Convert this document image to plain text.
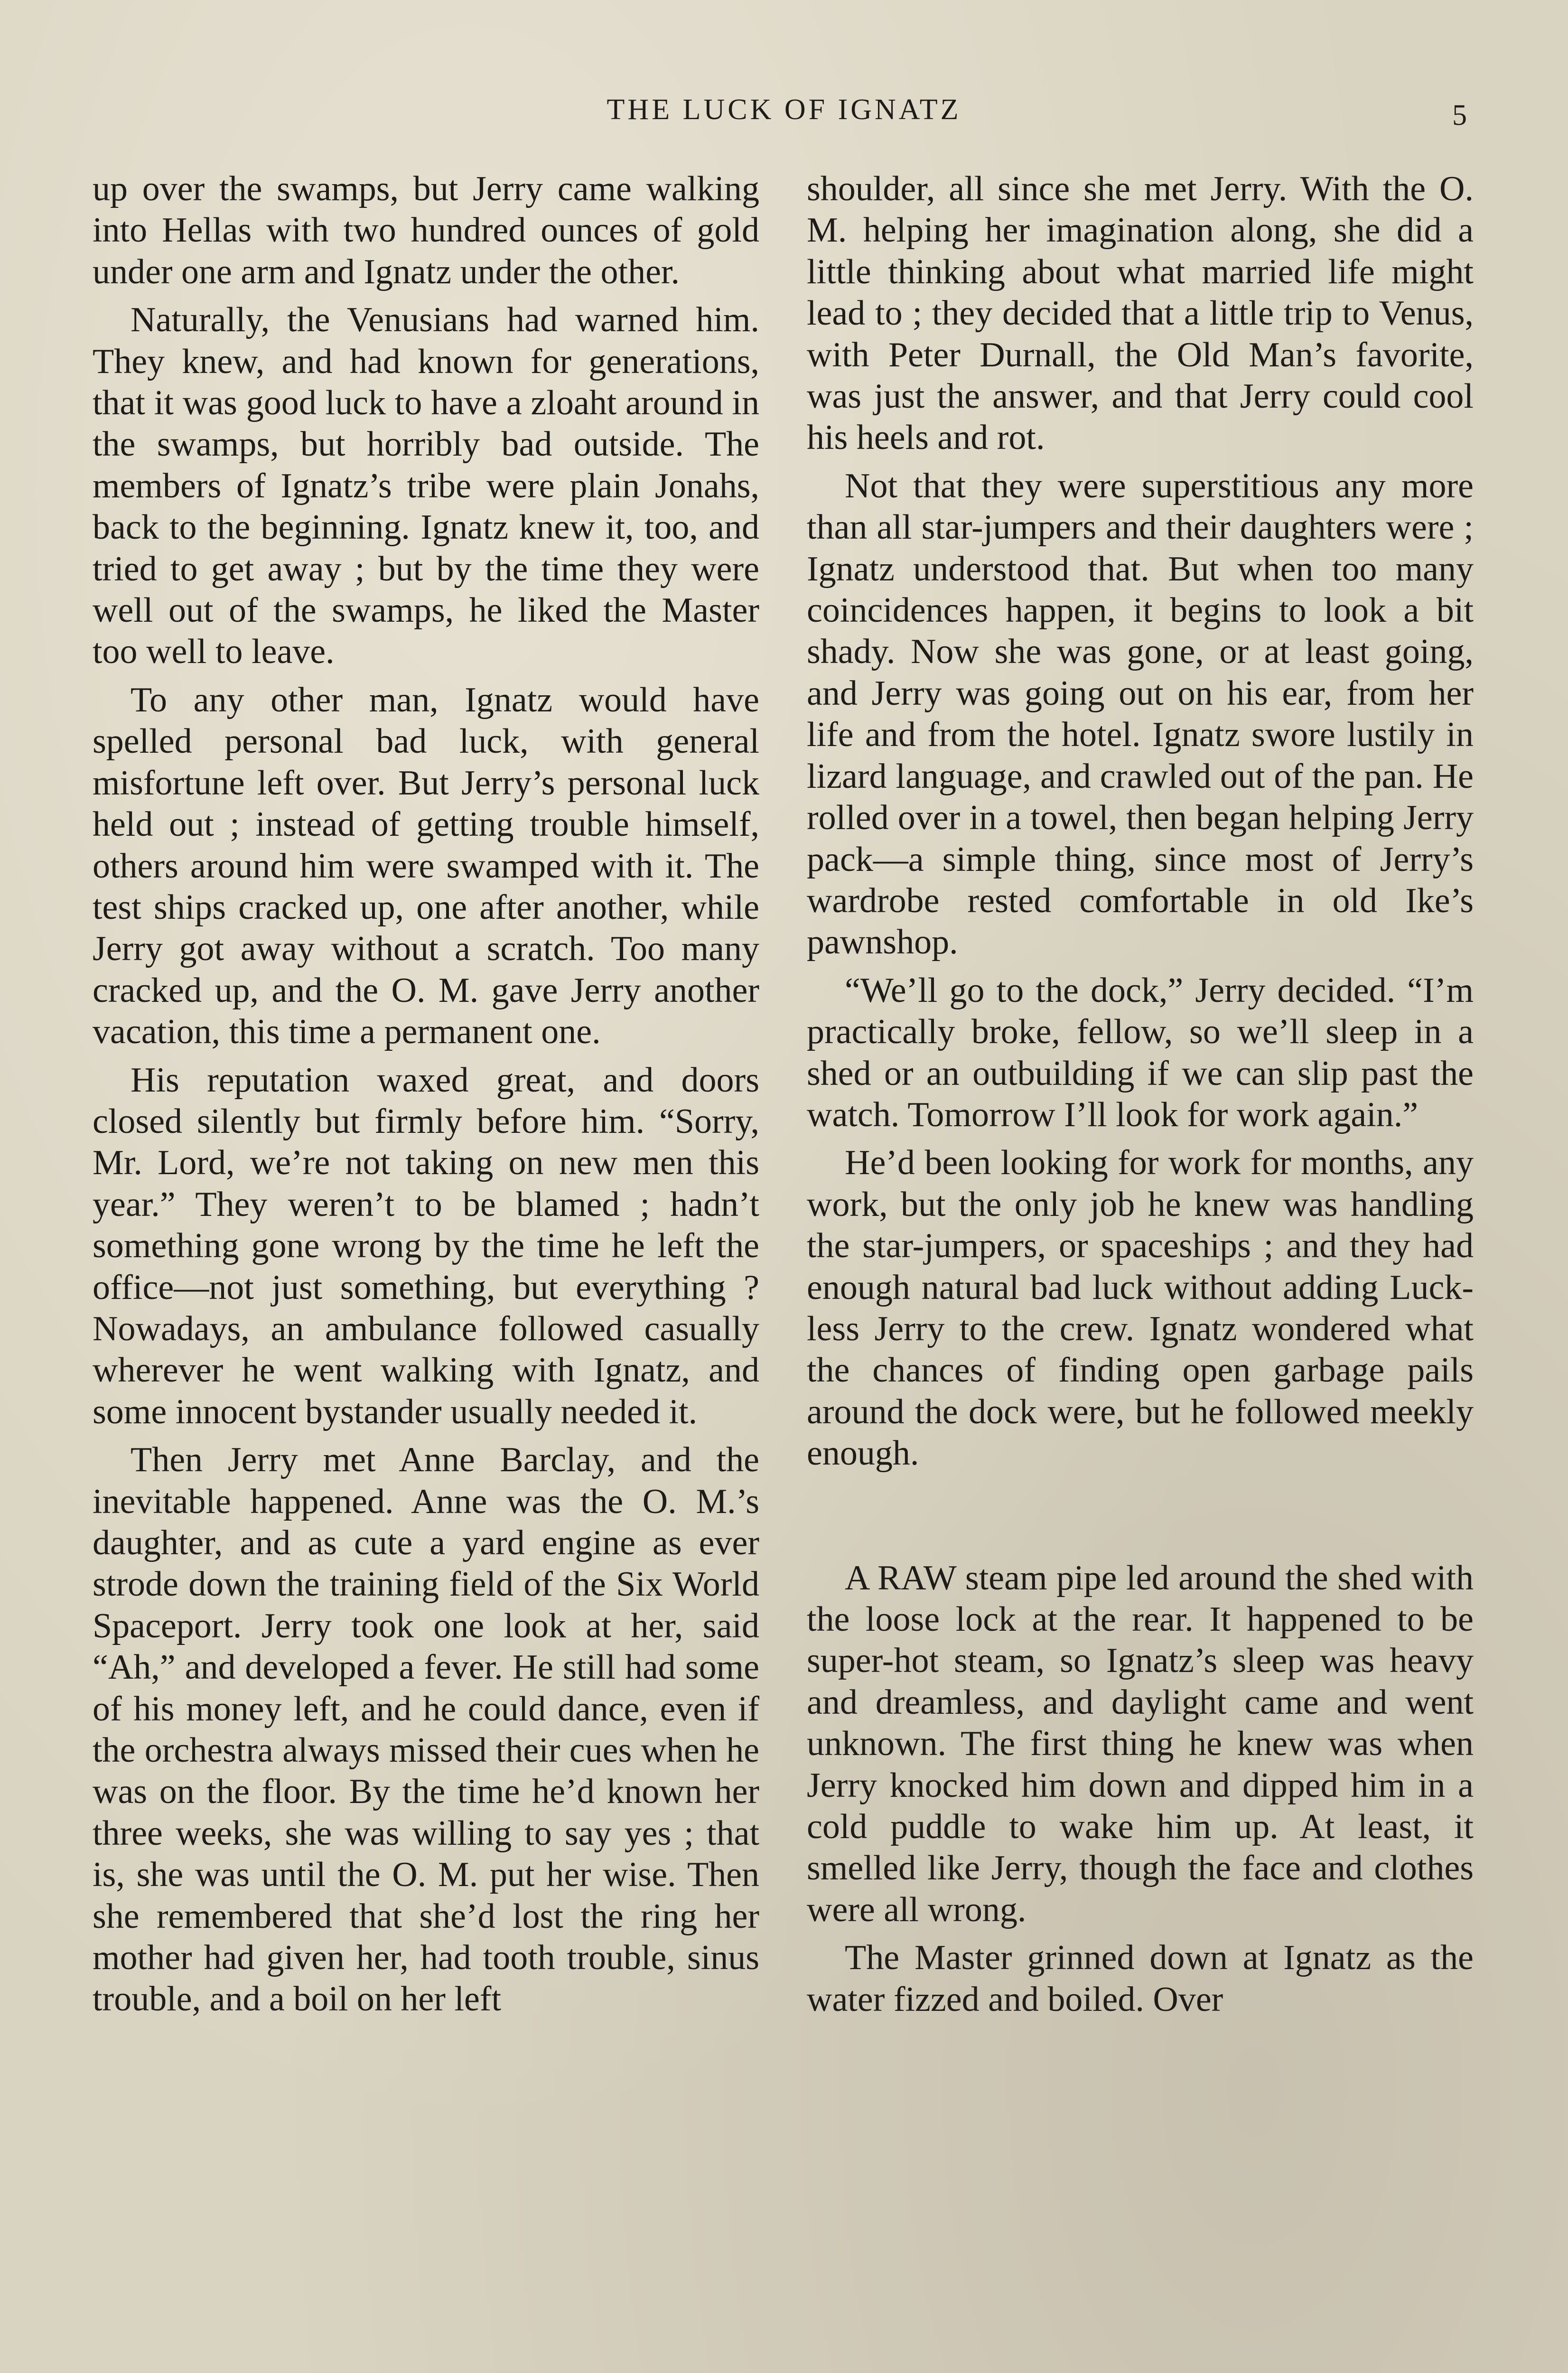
THE LUCK OF IGNATZ	5

up over the swamps, but Jerry came walking into Hellas with two hundred ounces of gold under one arm and Ignatz under the other.

Naturally, the Venusians had warned him. They knew, and had known for generations, that it was good luck to have a zloaht around in the swamps, but horribly bad outside. The members of Ignatz’s tribe were plain Jonahs, back to the beginning. Ignatz knew it, too, and tried to get away ; but by the time they were well out of the swamps, he liked the Master too well to leave.

To any other man, Ignatz would have spelled personal bad luck, with general misfortune left over. But Jerry’s personal luck held out ; instead of getting trouble himself, others around him were swamped with it. The test ships cracked up, one after another, while Jerry got away without a scratch. Too many cracked up, and the O. M. gave Jerry another vacation, this time a permanent one.

His reputation waxed great, and doors closed silently but firmly before him. “Sorry, Mr. Lord, we’re not taking on new men this year.” They weren’t to be blamed ; hadn’t something gone wrong by the time he left the office—not just something, but everything ? Nowadays, an ambulance followed casually wherever he went walking with Ignatz, and some innocent bystander usually needed it.

Then Jerry met Anne Barclay, and the inevitable happened. Anne was the O. M.’s daughter, and as cute a yard engine as ever strode down the training field of the Six World Spaceport. Jerry took one look at her, said “Ah,” and developed a fever. He still had some of his money left, and he could dance, even if the orchestra always missed their cues when he was on the floor. By the time he’d known her three weeks, she was willing to say yes ; that is, she was until the O. M. put her wise. Then she remembered that she’d lost the ring her mother had given her, had tooth trouble, sinus trouble, and a boil on her left

shoulder, all since she met Jerry. With the O. M. helping her imagination along, she did a little thinking about what married life might lead to ; they decided that a little trip to Venus, with Peter Durnall, the Old Man’s favorite, was just the answer, and that Jerry could cool his heels and rot.

Not that they were superstitious any more than all star-jumpers and their daughters were ; Ignatz understood that. But when too many coincidences happen, it begins to look a bit shady. Now she was gone, or at least going, and Jerry was going out on his ear, from her life and from the hotel. Ignatz swore lustily in lizard language, and crawled out of the pan. He rolled over in a towel, then began helping Jerry pack—a simple thing, since most of Jerry’s wardrobe rested comfortable in old Ike’s pawnshop.

“We’ll go to the dock,” Jerry decided. “I’m practically broke, fellow, so we’ll sleep in a shed or an outbuilding if we can slip past the watch. Tomorrow I’ll look for work again.”

He’d been looking for work for months, any work, but the only job he knew was handling the star-jumpers, or spaceships ; and they had enough natural bad luck without adding Luckless Jerry to the crew. Ignatz wondered what the chances of finding open garbage pails around the dock were, but he followed meekly enough.

A RAW steam pipe led around the shed with the loose lock at the rear. It happened to be super-hot steam, so Ignatz’s sleep was heavy and dreamless, and daylight came and went unknown. The first thing he knew was when Jerry knocked him down and dipped him in a cold puddle to wake him up. At least, it smelled like Jerry, though the face and clothes were all wrong.

The Master grinned down at Ignatz as the water fizzed and boiled. Over
